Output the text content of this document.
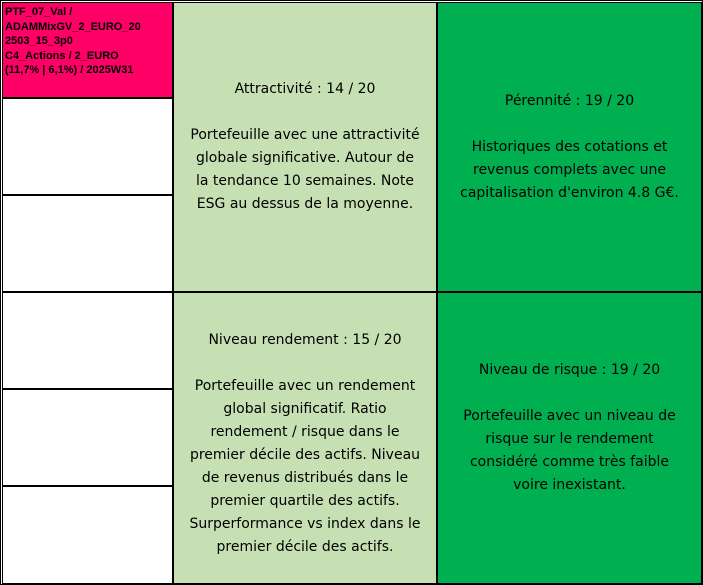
PTF_07_Val /
ADAMMixGV_2_EURO_20
2503_15_3p0
C4_Actions / 2_EURO
(11,7% | 6,1%) / 2025W31
Attractivité : 14 / 20
Portefeuille avec une attractivité
globale significative. Autour de
la tendance 10 semaines. Note
ESG au dessus de la moyenne.
Pérennité : 19 / 20
Historiques des cotations et
revenus complets avec une
capitalisation d'environ 4.8 G€.
Niveau rendement : 15 / 20
Portefeuille avec un rendement
global significatif. Ratio
rendement / risque dans le
premier décile des actifs. Niveau
de revenus distribués dans le
premier quartile des actifs.
Surperformance vs index dans le
premier décile des actifs.
Niveau de risque : 19 / 20
Portefeuille avec un niveau de
risque sur le rendement
considéré comme très faible
voire inexistant.
